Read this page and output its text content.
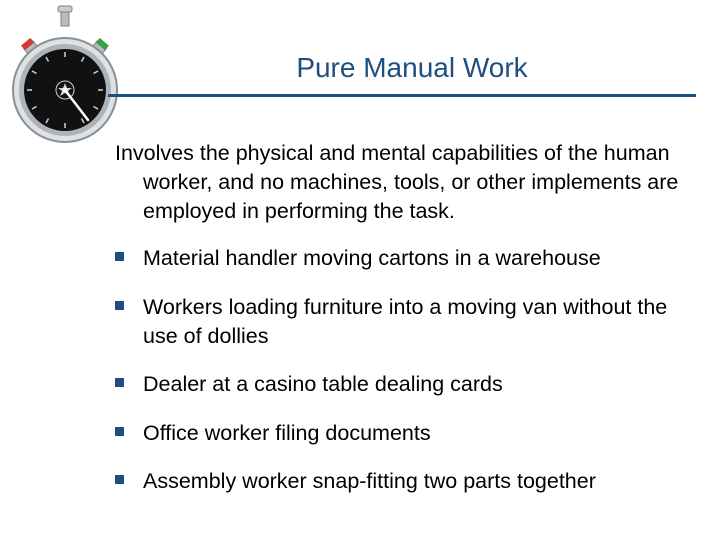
Pure Manual Work
Involves the physical and mental capabilities of the human worker, and no machines, tools, or other implements are employed in performing the task.
Material handler moving cartons in a warehouse
Workers loading furniture into a moving van without the use of dollies
Dealer at a casino table dealing cards
Office worker filing documents
Assembly worker snap-fitting two parts together
